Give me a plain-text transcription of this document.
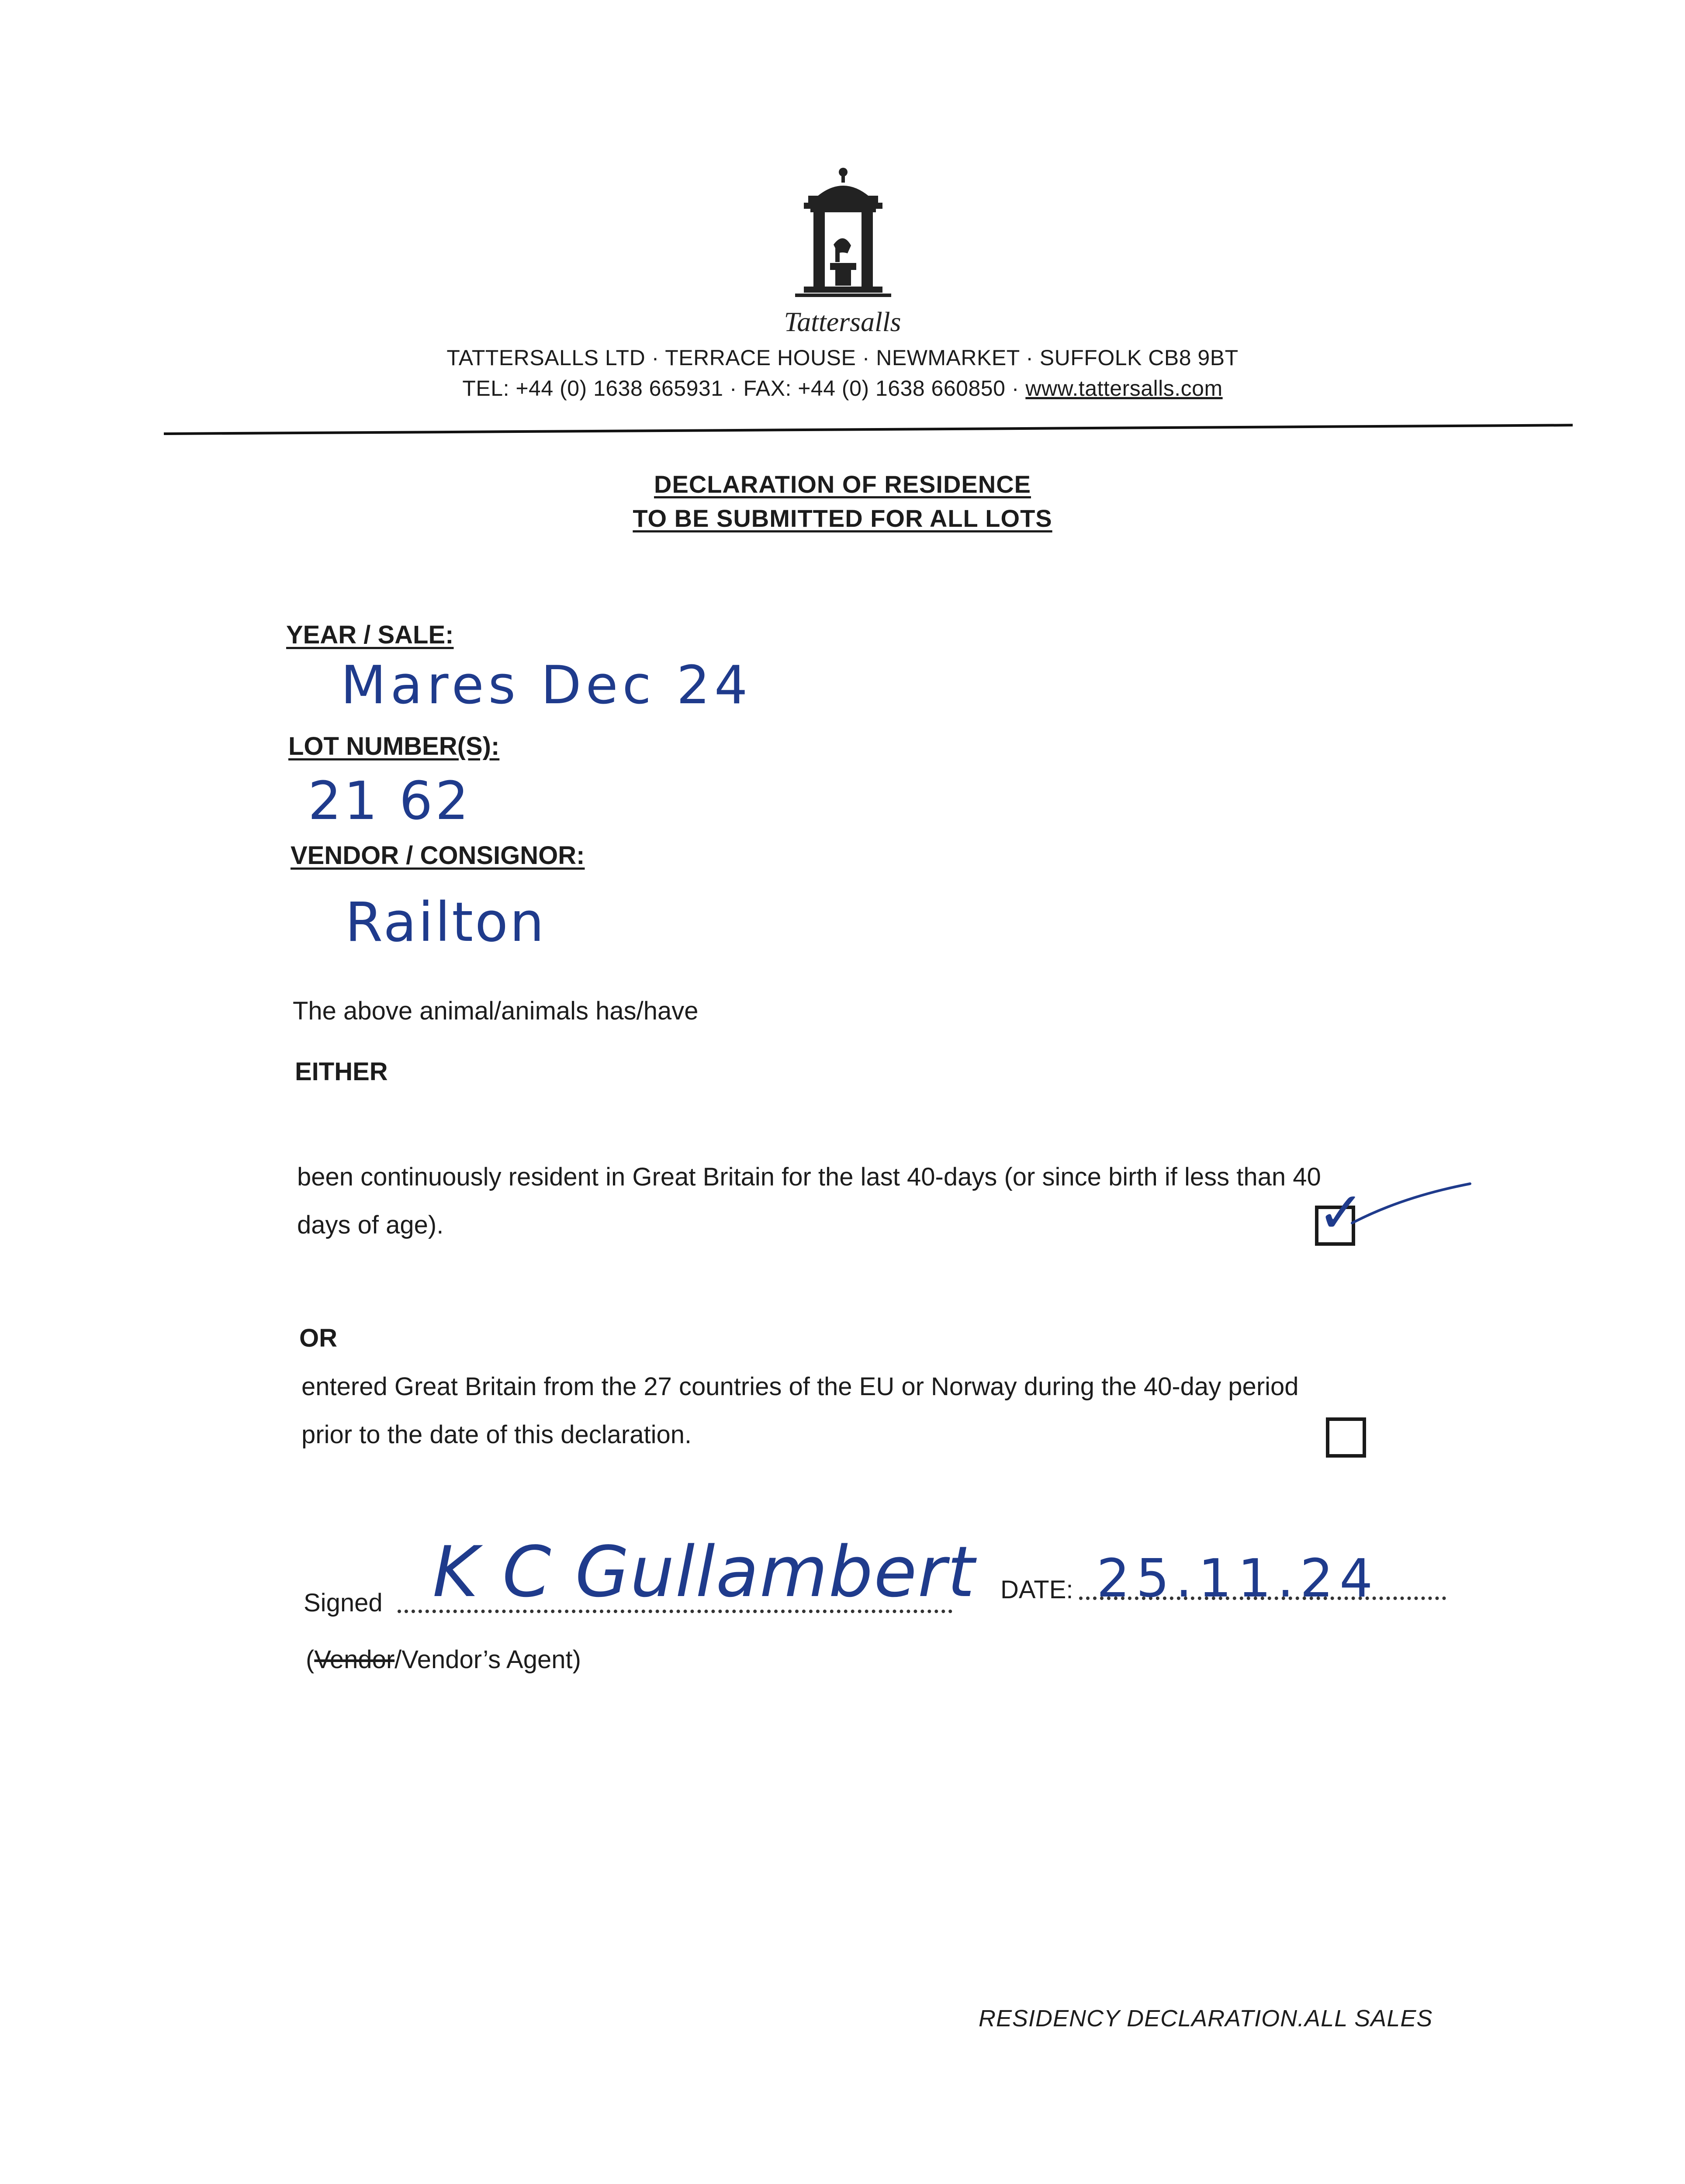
Tattersalls
TATTERSALLS LTD · TERRACE HOUSE · NEWMARKET · SUFFOLK CB8 9BT
TEL: +44 (0) 1638 665931 · FAX: +44 (0) 1638 660850 · www.tattersalls.com
DECLARATION OF RESIDENCE
TO BE SUBMITTED FOR ALL LOTS
YEAR / SALE:
Mares Dec 24
LOT NUMBER(S):
21 62
VENDOR / CONSIGNOR:
Railton
The above animal/animals has/have
EITHER
been continuously resident in Great Britain for the last 40-days (or since birth if less than 40
days of age).	✓
OR
entered Great Britain from the 27 countries of the EU or Norway during the 40-day period
prior to the date of this declaration.
Signed K C Gullambert DATE: 25.11.24
(Vendor/Vendor’s Agent)
RESIDENCY DECLARATION.ALL SALES
